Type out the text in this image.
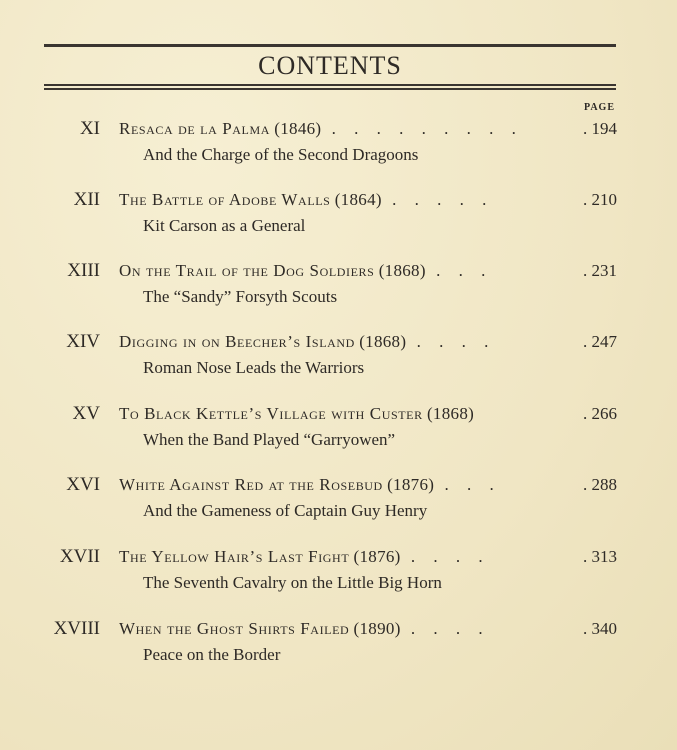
CONTENTS
PAGE
XI Resaca de la Palma (1846) . . . . . . . . .	. 194
And the Charge of the Second Dragoons
XII The Battle of Adobe Walls (1864) . . . . .	. 210
Kit Carson as a General
XIII On the Trail of the Dog Soldiers (1868) . . .	. 231
The “Sandy” Forsyth Scouts
XIV Digging in on Beecher’s Island (1868) . . . .	. 247
Roman Nose Leads the Warriors
XV To Black Kettle’s Village with Custer (1868)	. 266
When the Band Played “Garryowen”
XVI White Against Red at the Rosebud (1876) . . .	. 288
And the Gameness of Captain Guy Henry
XVII The Yellow Hair’s Last Fight (1876) . . . .	. 313
The Seventh Cavalry on the Little Big Horn
XVIII When the Ghost Shirts Failed (1890) . . . .	. 340
Peace on the Border
